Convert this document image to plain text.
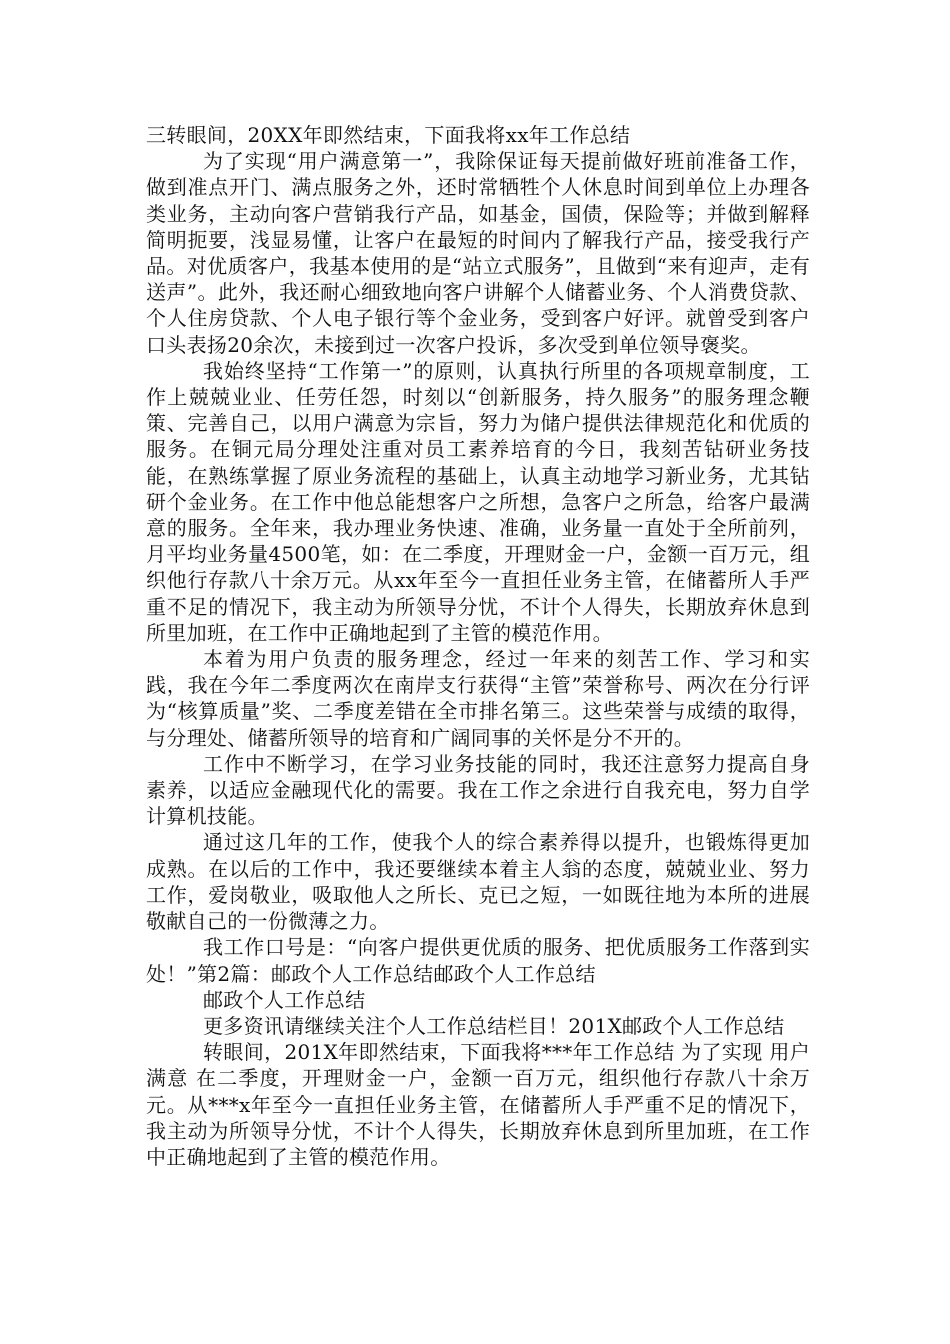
三转眼间，20XX年即然结束，下面我将xx年工作总结

为了实现“用户满意第一”，我除保证每天提前做好班前准备工作，做到准点开门、满点服务之外，还时常牺牲个人休息时间到单位上办理各类业务，主动向客户营销我行产品，如基金，国债，保险等；并做到解释简明扼要，浅显易懂，让客户在最短的时间内了解我行产品，接受我行产品。对优质客户，我基本使用的是“站立式服务”，且做到“来有迎声，走有送声”。此外，我还耐心细致地向客户讲解个人储蓄业务、个人消费贷款、个人住房贷款、个人电子银行等个金业务，受到客户好评。就曾受到客户口头表扬20余次，未接到过一次客户投诉，多次受到单位领导褒奖。

我始终坚持“工作第一”的原则，认真执行所里的各项规章制度，工作上兢兢业业、任劳任怨，时刻以“创新服务，持久服务”的服务理念鞭策、完善自己，以用户满意为宗旨，努力为储户提供法律规范化和优质的服务。在铜元局分理处注重对员工素养培育的今日，我刻苦钻研业务技能，在熟练掌握了原业务流程的基础上，认真主动地学习新业务，尤其钻研个金业务。在工作中他总能想客户之所想，急客户之所急，给客户最满意的服务。全年来，我办理业务快速、准确，业务量一直处于全所前列，月平均业务量4500笔，如：在二季度，开理财金一户，金额一百万元，组织他行存款八十余万元。从xx年至今一直担任业务主管，在储蓄所人手严重不足的情况下，我主动为所领导分忧，不计个人得失，长期放弃休息到所里加班，在工作中正确地起到了主管的模范作用。

本着为用户负责的服务理念，经过一年来的刻苦工作、学习和实践，我在今年二季度两次在南岸支行获得“主管”荣誉称号、两次在分行评为“核算质量”奖、二季度差错在全市排名第三。这些荣誉与成绩的取得，与分理处、储蓄所领导的培育和广阔同事的关怀是分不开的。

工作中不断学习，在学习业务技能的同时，我还注意努力提高自身素养，以适应金融现代化的需要。我在工作之余进行自我充电，努力自学计算机技能。

通过这几年的工作，使我个人的综合素养得以提升，也锻炼得更加成熟。在以后的工作中，我还要继续本着主人翁的态度，兢兢业业、努力工作，爱岗敬业，吸取他人之所长、克已之短，一如既往地为本所的进展敬献自己的一份微薄之力。

我工作口号是：“向客户提供更优质的服务、把优质服务工作落到实处！”第2篇：邮政个人工作总结邮政个人工作总结

邮政个人工作总结

更多资讯请继续关注个人工作总结栏目！201X邮政个人工作总结

转眼间，201X年即然结束，下面我将***年工作总结 为了实现 用户满意 在二季度，开理财金一户，金额一百万元，组织他行存款八十余万元。从***x年至今一直担任业务主管，在储蓄所人手严重不足的情况下，我主动为所领导分忧，不计个人得失，长期放弃休息到所里加班，在工作中正确地起到了主管的模范作用。
